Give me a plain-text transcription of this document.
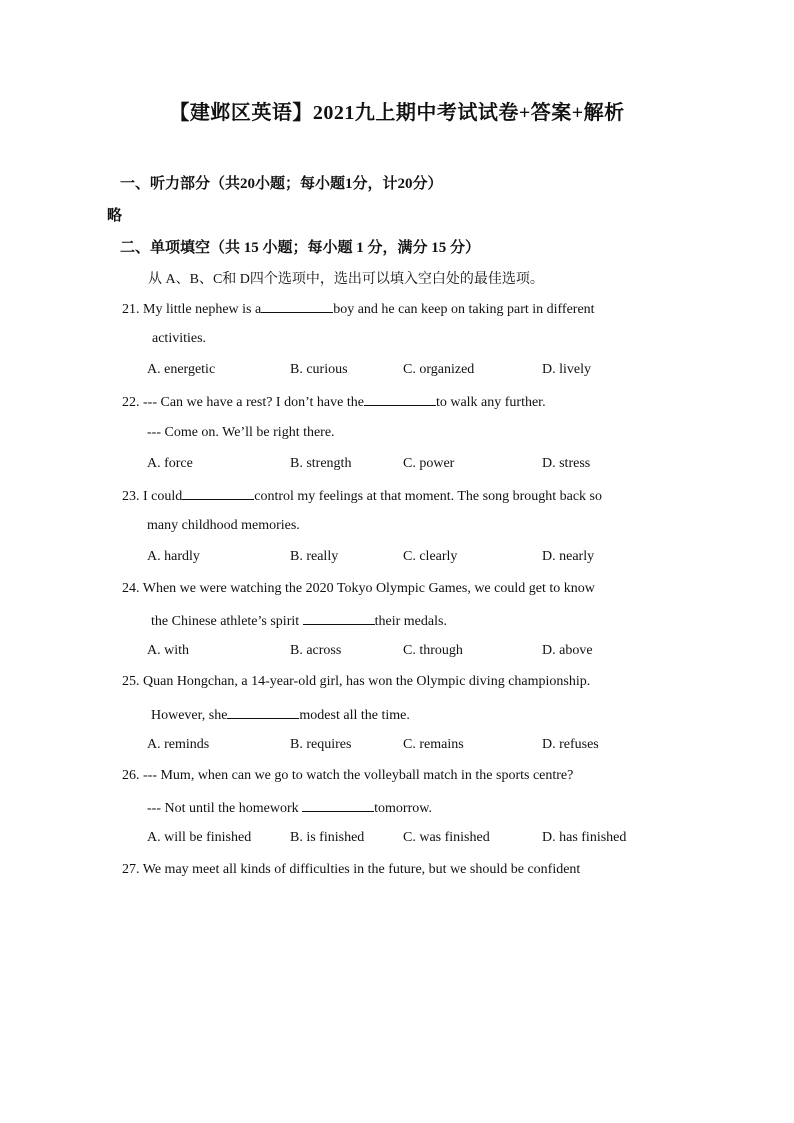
【建邺区英语】2021九上期中考试试卷+答案+解析
一、听力部分（共20小题；每小题1分，计20分）
略
二、单项填空（共 15 小题；每小题 1 分，满分 15 分）
从 A、B、C和 D四个选项中，选出可以填入空白处的最佳选项。
21. My little nephew is a	boy and he can keep on taking part in different
activities.
A. energetic	B. curious	C. organized	D. lively
22. --- Can we have a rest? I don’t have the	to walk any further.
--- Come on. We’ll be right there.
A. force	B. strength	C. power	D. stress
23. I could	control my feelings at that moment. The song brought back so
many childhood memories.
A. hardly	B. really	C. clearly	D. nearly
24. When we were watching the 2020 Tokyo Olympic Games, we could get to know
the Chinese athlete’s spirit	their medals.
A. with	B. across	C. through	D. above
25. Quan Hongchan, a 14-year-old girl, has won the Olympic diving championship.
However, she	modest all the time.
A. reminds	B. requires	C. remains	D. refuses
26. --- Mum, when can we go to watch the volleyball match in the sports centre?
--- Not until the homework	tomorrow.
A. will be finished	B. is finished	C. was finished	D. has finished
27. We may meet all kinds of difficulties in the future, but we should be confident
